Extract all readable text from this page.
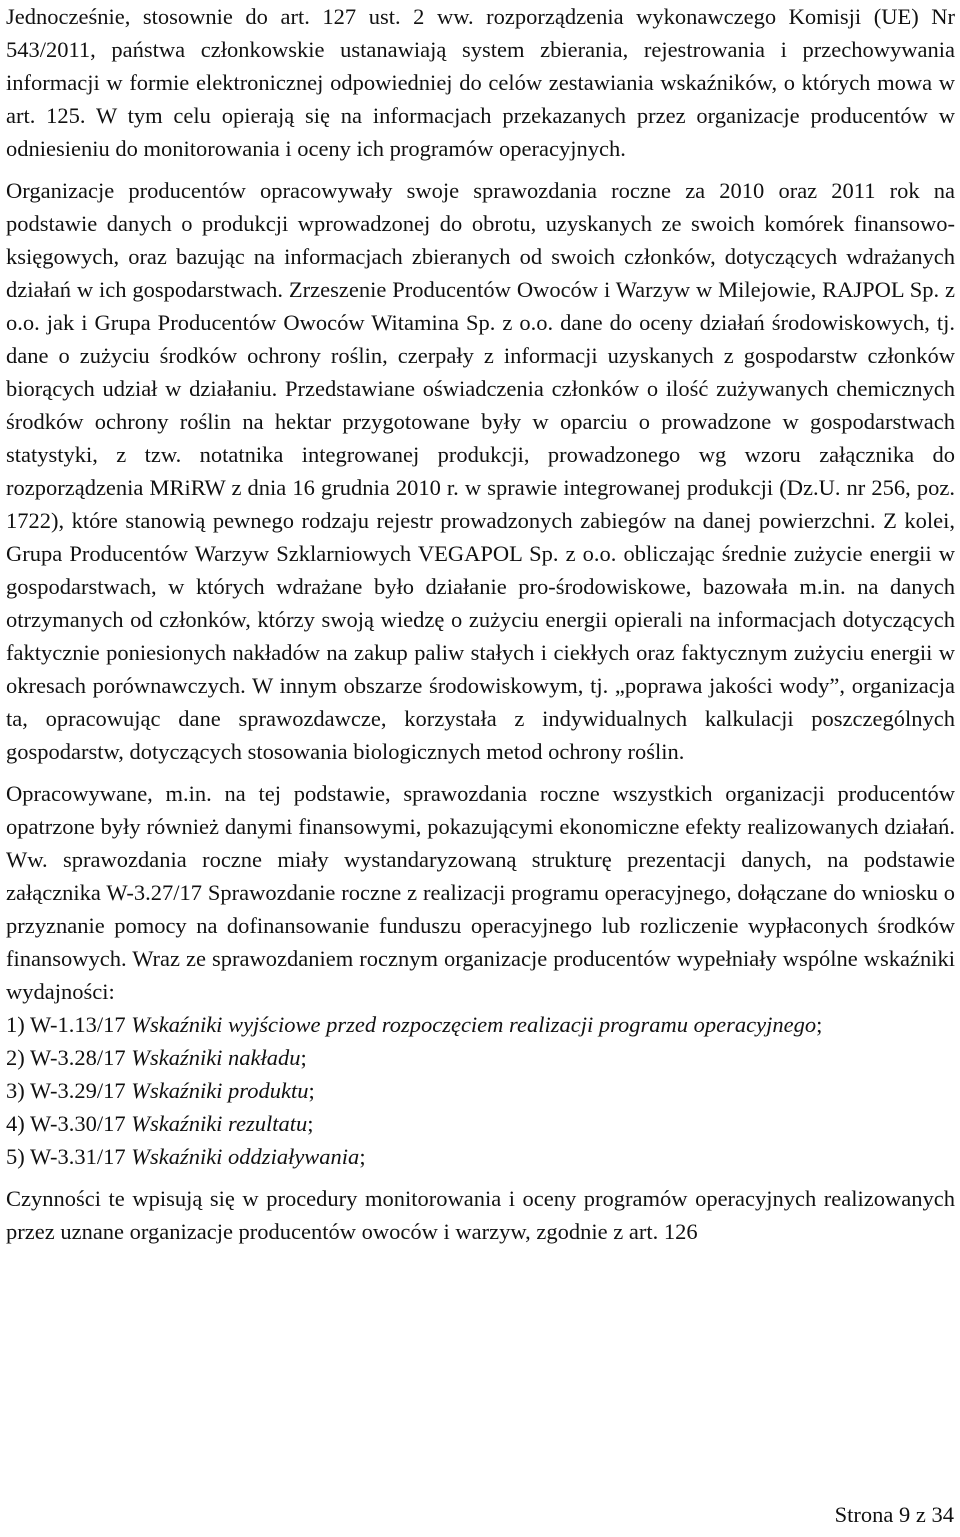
Jednocześnie, stosownie do art. 127 ust. 2 ww. rozporządzenia wykonawczego Komisji (UE) Nr 543/2011, państwa członkowskie ustanawiają system zbierania, rejestrowania i przechowywania informacji w formie elektronicznej odpowiedniej do celów zestawiania wskaźników, o których mowa w art. 125. W tym celu opierają się na informacjach przekazanych przez organizacje producentów w odniesieniu do monitorowania i oceny ich programów operacyjnych.

Organizacje producentów opracowywały swoje sprawozdania roczne za 2010 oraz 2011 rok na podstawie danych o produkcji wprowadzonej do obrotu, uzyskanych ze swoich komórek finansowo-księgowych, oraz bazując na informacjach zbieranych od swoich członków, dotyczących wdrażanych działań w ich gospodarstwach. Zrzeszenie Producentów Owoców i Warzyw w Milejowie, RAJPOL Sp. z o.o. jak i Grupa Producentów Owoców Witamina Sp. z o.o. dane do oceny działań środowiskowych, tj. dane o zużyciu środków ochrony roślin, czerpały z informacji uzyskanych z gospodarstw członków biorących udział w działaniu. Przedstawiane oświadczenia członków o ilość zużywanych chemicznych środków ochrony roślin na hektar przygotowane były w oparciu o prowadzone w gospodarstwach statystyki, z tzw. notatnika integrowanej produkcji, prowadzonego wg wzoru załącznika do rozporządzenia MRiRW z dnia 16 grudnia 2010 r. w sprawie integrowanej produkcji (Dz.U. nr 256, poz. 1722), które stanowią pewnego rodzaju rejestr prowadzonych zabiegów na danej powierzchni. Z kolei, Grupa Producentów Warzyw Szklarniowych VEGAPOL Sp. z o.o. obliczając średnie zużycie energii w gospodarstwach, w których wdrażane było działanie pro-środowiskowe, bazowała m.in. na danych otrzymanych od członków, którzy swoją wiedzę o zużyciu energii opierali na informacjach dotyczących faktycznie poniesionych nakładów na zakup paliw stałych i ciekłych oraz faktycznym zużyciu energii w okresach porównawczych. W innym obszarze środowiskowym, tj. „poprawa jakości wody”, organizacja ta, opracowując dane sprawozdawcze, korzystała z indywidualnych kalkulacji poszczególnych gospodarstw, dotyczących stosowania biologicznych metod ochrony roślin.

Opracowywane, m.in. na tej podstawie, sprawozdania roczne wszystkich organizacji producentów opatrzone były również danymi finansowymi, pokazującymi ekonomiczne efekty realizowanych działań. Ww. sprawozdania roczne miały wystandaryzowaną strukturę prezentacji danych, na podstawie załącznika W-3.27/17 Sprawozdanie roczne z realizacji programu operacyjnego, dołączane do wniosku o przyznanie pomocy na dofinansowanie funduszu operacyjnego lub rozliczenie wypłaconych środków finansowych. Wraz ze sprawozdaniem rocznym organizacje producentów wypełniały wspólne wskaźniki wydajności:

1) W-1.13/17 Wskaźniki wyjściowe przed rozpoczęciem realizacji programu operacyjnego;

2) W-3.28/17 Wskaźniki nakładu;

3) W-3.29/17 Wskaźniki produktu;

4) W-3.30/17 Wskaźniki rezultatu;

5) W-3.31/17 Wskaźniki oddziaływania;

Czynności te wpisują się w procedury monitorowania i oceny programów operacyjnych realizowanych przez uznane organizacje producentów owoców i warzyw, zgodnie z art. 126

Strona 9 z 34
